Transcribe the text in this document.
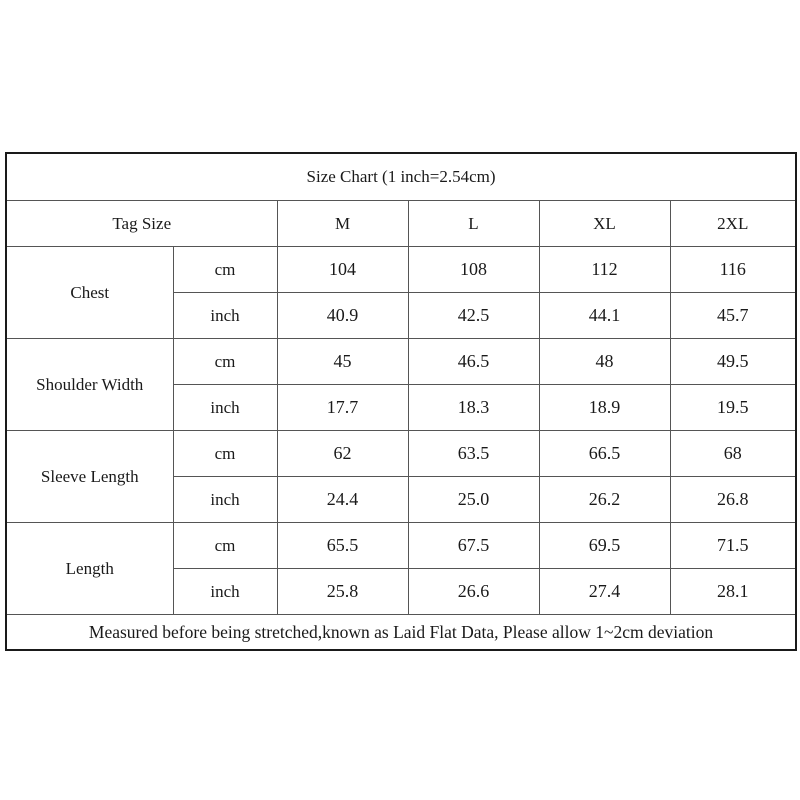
Size Chart (1 inch=2.54cm)					
Tag Size		M	L	XL	2XL
Chest	cm	104	108	112	116
	inch	40.9	42.5	44.1	45.7
Shoulder Width	cm	45	46.5	48	49.5
	inch	17.7	18.3	18.9	19.5
Sleeve Length	cm	62	63.5	66.5	68
	inch	24.4	25.0	26.2	26.8
Length	cm	65.5	67.5	69.5	71.5
	inch	25.8	26.6	27.4	28.1
Measured before being stretched,known as Laid Flat Data, Please allow 1~2cm deviation					
